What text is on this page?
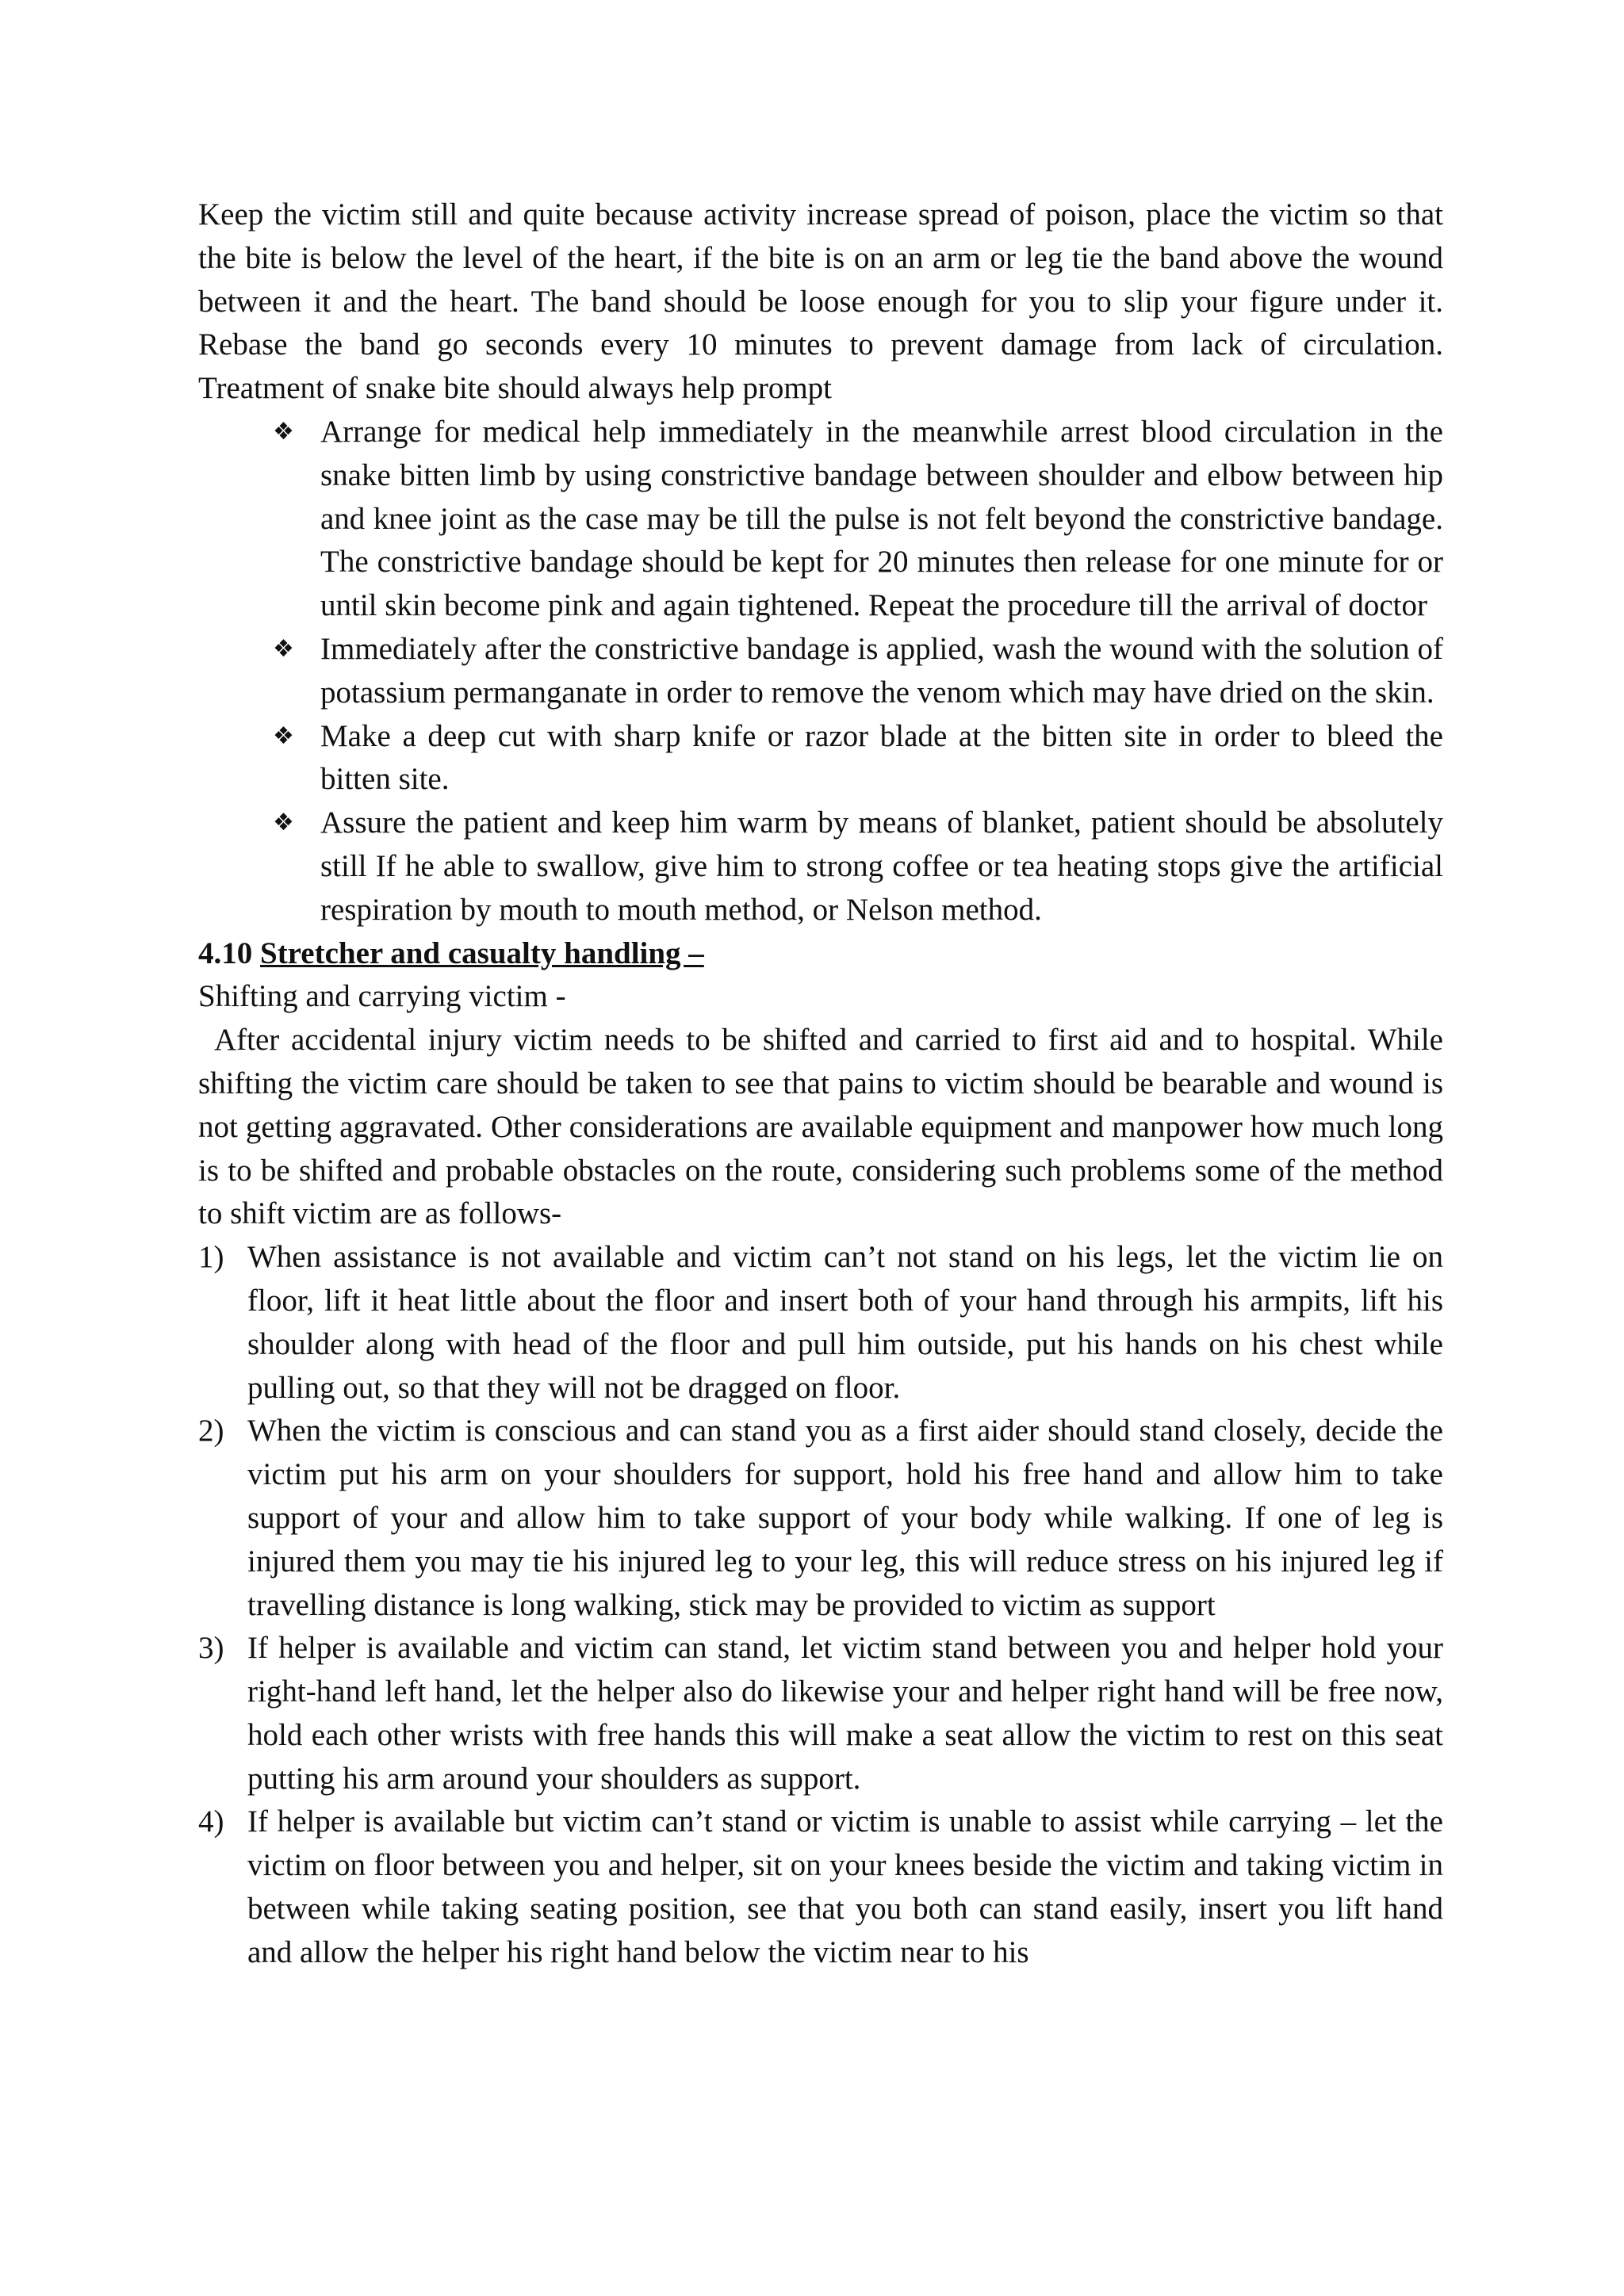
Keep the victim still and quite because activity increase spread of poison, place the victim so that the bite is below the level of the heart, if the bite is on an arm or leg tie the band above the wound between it and the heart. The band should be loose enough for you to slip your figure under it. Rebase the band go seconds every 10 minutes to prevent damage from lack of circulation. Treatment of snake bite should always help prompt

❖ Arrange for medical help immediately in the meanwhile arrest blood circulation in the snake bitten limb by using constrictive bandage between shoulder and elbow between hip and knee joint as the case may be till the pulse is not felt beyond the constrictive bandage. The constrictive bandage should be kept for 20 minutes then release for one minute for or until skin become pink and again tightened. Repeat the procedure till the arrival of doctor
❖ Immediately after the constrictive bandage is applied, wash the wound with the solution of potassium permanganate in order to remove the venom which may have dried on the skin.
❖ Make a deep cut with sharp knife or razor blade at the bitten site in order to bleed the bitten site.
❖ Assure the patient and keep him warm by means of blanket, patient should be absolutely still If he able to swallow, give him to strong coffee or tea heating stops give the artificial respiration by mouth to mouth method, or Nelson method.

4.10 Stretcher and casualty handling –

Shifting and carrying victim -

After accidental injury victim needs to be shifted and carried to first aid and to hospital. While shifting the victim care should be taken to see that pains to victim should be bearable and wound is not getting aggravated. Other considerations are available equipment and manpower how much long is to be shifted and probable obstacles on the route, considering such problems some of the method to shift victim are as follows-

1) When assistance is not available and victim can’t not stand on his legs, let the victim lie on floor, lift it heat little about the floor and insert both of your hand through his armpits, lift his shoulder along with head of the floor and pull him outside, put his hands on his chest while pulling out, so that they will not be dragged on floor.
2) When the victim is conscious and can stand you as a first aider should stand closely, decide the victim put his arm on your shoulders for support, hold his free hand and allow him to take support of your and allow him to take support of your body while walking. If one of leg is injured them you may tie his injured leg to your leg, this will reduce stress on his injured leg if travelling distance is long walking, stick may be provided to victim as support
3) If helper is available and victim can stand, let victim stand between you and helper hold your right-hand left hand, let the helper also do likewise your and helper right hand will be free now, hold each other wrists with free hands this will make a seat allow the victim to rest on this seat putting his arm around your shoulders as support.
4) If helper is available but victim can’t stand or victim is unable to assist while carrying – let the victim on floor between you and helper, sit on your knees beside the victim and taking victim in between while taking seating position, see that you both can stand easily, insert you lift hand and allow the helper his right hand below the victim near to his
